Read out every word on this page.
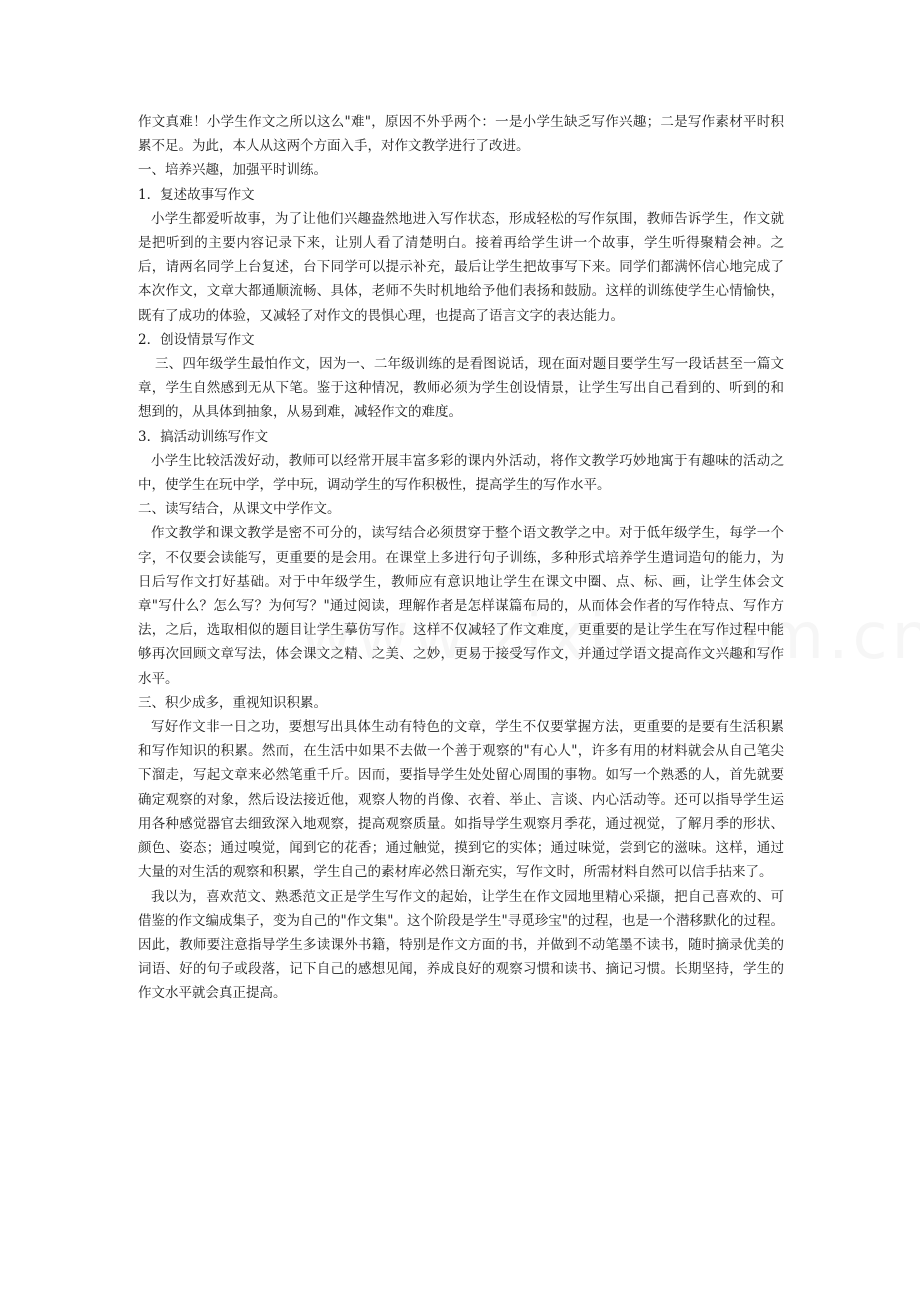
作文真难！小学生作文之所以这么"难"，原因不外乎两个：一是小学生缺乏写作兴趣；二是写作素材平时积累不足。为此，本人从这两个方面入手，对作文教学进行了改进。

一、培养兴趣，加强平时训练。

1．复述故事写作文

小学生都爱听故事，为了让他们兴趣盎然地进入写作状态，形成轻松的写作氛围，教师告诉学生，作文就是把听到的主要内容记录下来，让别人看了清楚明白。接着再给学生讲一个故事，学生听得聚精会神。之后，请两名同学上台复述，台下同学可以提示补充，最后让学生把故事写下来。同学们都满怀信心地完成了本次作文，文章大都通顺流畅、具体，老师不失时机地给予他们表扬和鼓励。这样的训练使学生心情愉快，既有了成功的体验，又减轻了对作文的畏惧心理，也提高了语言文字的表达能力。

2．创设情景写作文

三、四年级学生最怕作文，因为一、二年级训练的是看图说话，现在面对题目要学生写一段话甚至一篇文章，学生自然感到无从下笔。鉴于这种情况，教师必须为学生创设情景，让学生写出自己看到的、听到的和想到的，从具体到抽象，从易到难，减轻作文的难度。

3．搞活动训练写作文

小学生比较活泼好动，教师可以经常开展丰富多彩的课内外活动，将作文教学巧妙地寓于有趣味的活动之中，使学生在玩中学，学中玩，调动学生的写作积极性，提高学生的写作水平。

二、读写结合，从课文中学作文。

作文教学和课文教学是密不可分的，读写结合必须贯穿于整个语文教学之中。对于低年级学生，每学一个字，不仅要会读能写，更重要的是会用。在课堂上多进行句子训练，多种形式培养学生遣词造句的能力，为日后写作文打好基础。对于中年级学生，教师应有意识地让学生在课文中圈、点、标、画，让学生体会文章"写什么？怎么写？为何写？"通过阅读，理解作者是怎样谋篇布局的，从而体会作者的写作特点、写作方法，之后，选取相似的题目让学生摹仿写作。这样不仅减轻了作文难度，更重要的是让学生在写作过程中能够再次回顾文章写法，体会课文之精、之美、之妙，更易于接受写作文，并通过学语文提高作文兴趣和写作水平。

三、积少成多，重视知识积累。

写好作文非一日之功，要想写出具体生动有特色的文章，学生不仅要掌握方法，更重要的是要有生活积累和写作知识的积累。然而，在生活中如果不去做一个善于观察的"有心人"，许多有用的材料就会从自己笔尖下溜走，写起文章来必然笔重千斤。因而，要指导学生处处留心周围的事物。如写一个熟悉的人，首先就要确定观察的对象，然后设法接近他，观察人物的肖像、衣着、举止、言谈、内心活动等。还可以指导学生运用各种感觉器官去细致深入地观察，提高观察质量。如指导学生观察月季花，通过视觉，了解月季的形状、颜色、姿态；通过嗅觉，闻到它的花香；通过触觉，摸到它的实体；通过味觉，尝到它的滋味。这样，通过大量的对生活的观察和积累，学生自己的素材库必然日渐充实，写作文时，所需材料自然可以信手拈来了。

我以为，喜欢范文、熟悉范文正是学生写作文的起始，让学生在作文园地里精心采撷，把自己喜欢的、可借鉴的作文编成集子，变为自己的"作文集"。这个阶段是学生"寻觅珍宝"的过程，也是一个潜移默化的过程。因此，教师要注意指导学生多读课外书籍，特别是作文方面的书，并做到不动笔墨不读书，随时摘录优美的词语、好的句子或段落，记下自己的感想见闻，养成良好的观察习惯和读书、摘记习惯。长期坚持，学生的作文水平就会真正提高。
